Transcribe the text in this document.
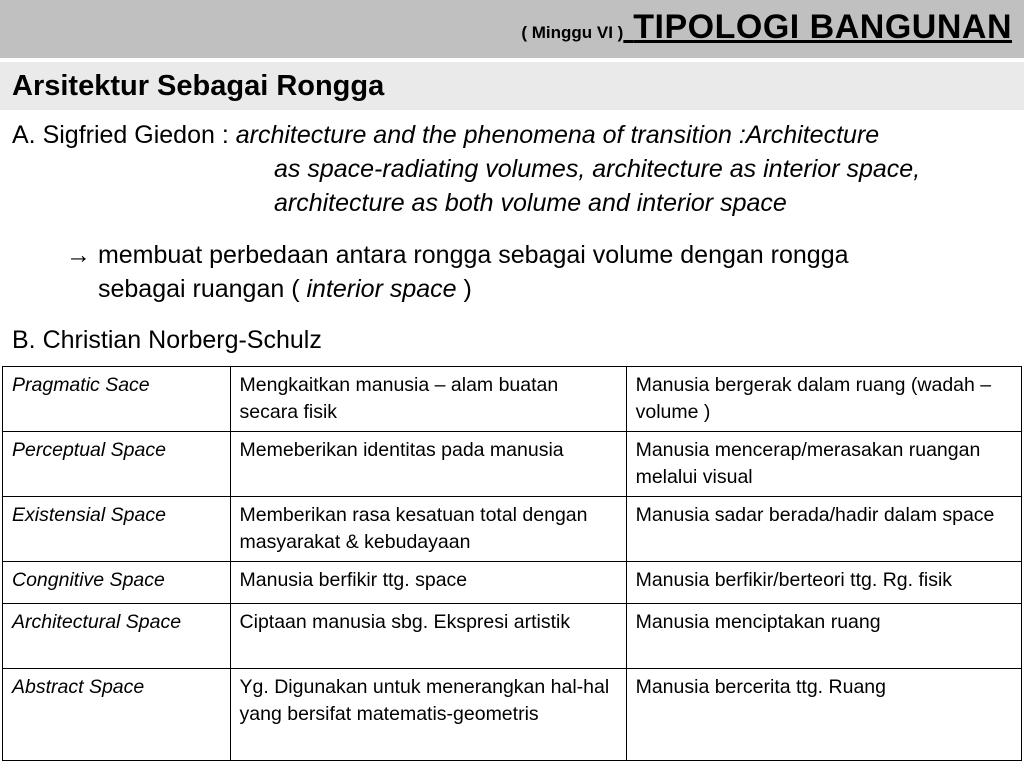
( Minggu VI ) TIPOLOGI BANGUNAN
Arsitektur Sebagai Rongga
A. Sigfried Giedon : architecture and the phenomena of transition :Architecture
as space-radiating volumes, architecture as interior space,
architecture as both volume and interior space
→ membuat perbedaan antara rongga sebagai volume dengan rongga
sebagai ruangan ( interior space )
B. Christian Norberg-Schulz
Pragmatic Sace	Mengkaitkan manusia – alam buatan secara fisik	Manusia bergerak dalam ruang (wadah – volume )
Perceptual Space	Memeberikan identitas pada manusia	Manusia mencerap/merasakan ruangan melalui visual
Existensial Space	Memberikan rasa kesatuan total dengan masyarakat & kebudayaan	Manusia sadar berada/hadir dalam space
Congnitive Space	Manusia berfikir ttg. space	Manusia berfikir/berteori ttg. Rg. fisik
Architectural Space	Ciptaan manusia sbg. Ekspresi artistik	Manusia menciptakan ruang
Abstract Space	Yg. Digunakan untuk menerangkan hal-hal yang bersifat matematis-geometris	Manusia bercerita ttg. Ruang
